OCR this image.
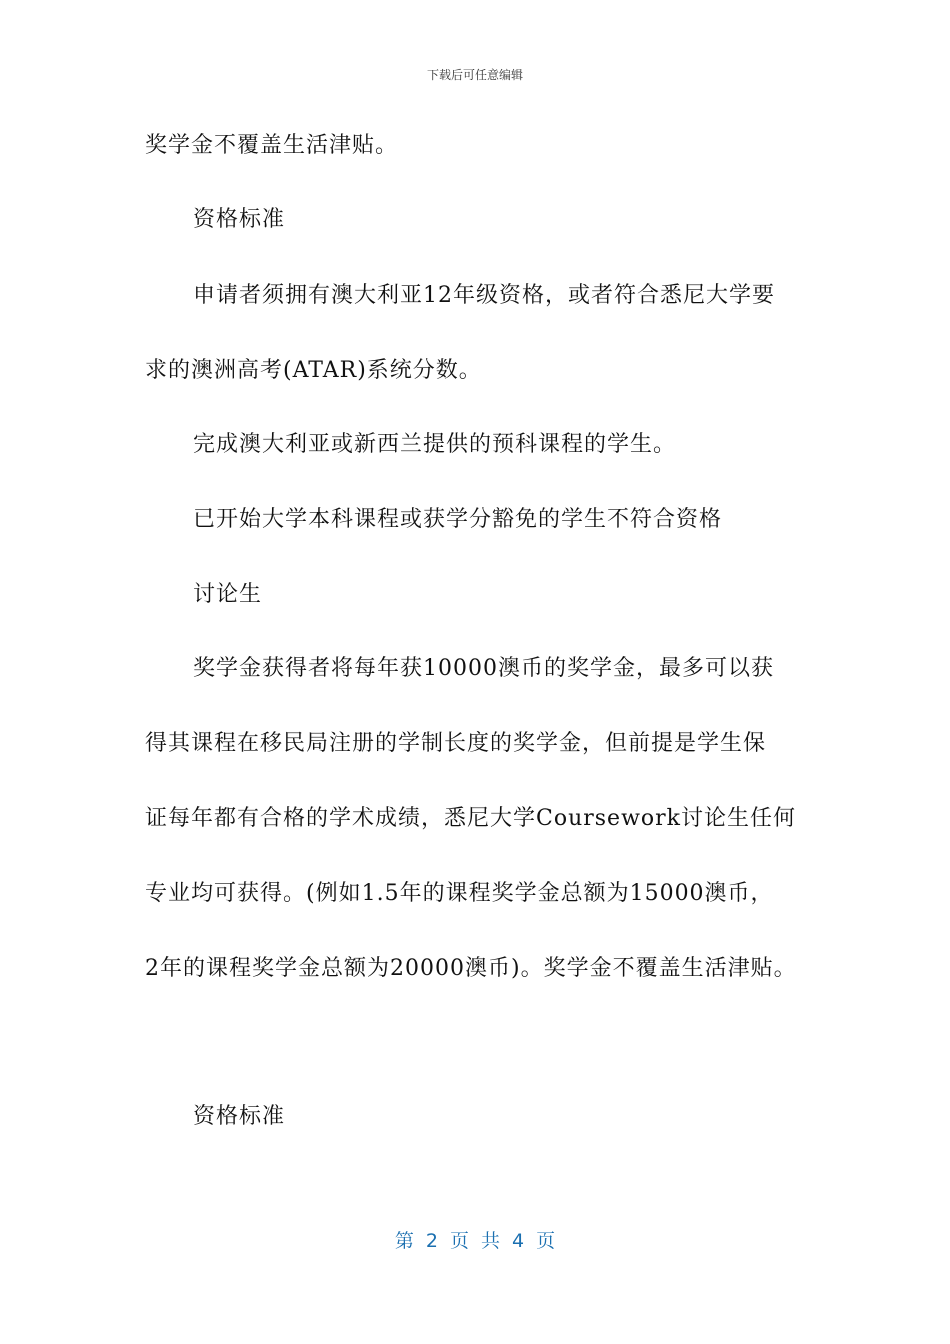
下载后可任意编辑
奖学金不覆盖生活津贴。
资格标准
申请者须拥有澳大利亚12年级资格，或者符合悉尼大学要
求的澳洲高考(ATAR)系统分数。
完成澳大利亚或新西兰提供的预科课程的学生。
已开始大学本科课程或获学分豁免的学生不符合资格
讨论生
奖学金获得者将每年获10000澳币的奖学金，最多可以获
得其课程在移民局注册的学制长度的奖学金，但前提是学生保
证每年都有合格的学术成绩，悉尼大学Coursework讨论生任何
专业均可获得。(例如1.5年的课程奖学金总额为15000澳币，
2年的课程奖学金总额为20000澳币)。奖学金不覆盖生活津贴。
资格标准
第 2 页 共 4 页
